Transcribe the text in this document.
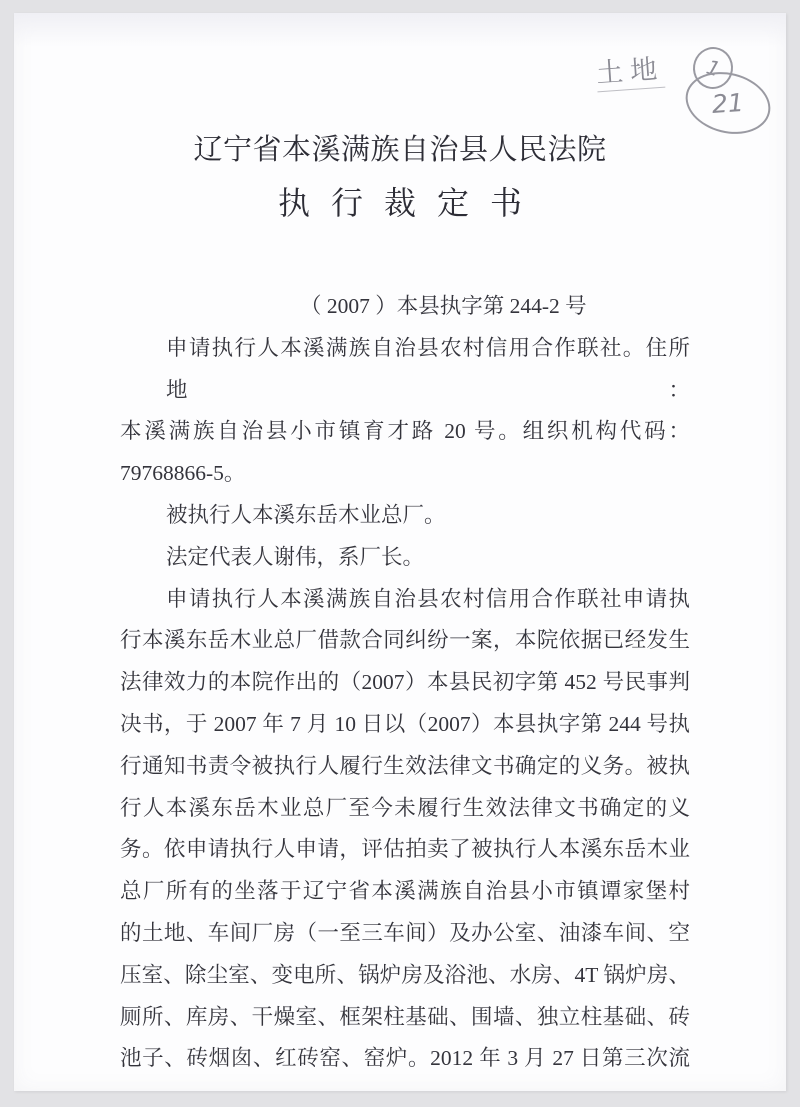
辽宁省本溪满族自治县人民法院
执行裁定书
（ 2007 ）本县执字第 244-2 号
申请执行人本溪满族自治县农村信用合作联社。住所地：
本溪满族自治县小市镇育才路 20 号。组织机构代码：
79768866-5。
被执行人本溪东岳木业总厂。
法定代表人谢伟，系厂长。
申请执行人本溪满族自治县农村信用合作联社申请执
行本溪东岳木业总厂借款合同纠纷一案，本院依据已经发生
法律效力的本院作出的（2007）本县民初字第 452 号民事判
决书，于 2007 年 7 月 10 日以（2007）本县执字第 244 号执
行通知书责令被执行人履行生效法律文书确定的义务。被执
行人本溪东岳木业总厂至今未履行生效法律文书确定的义
务。依申请执行人申请，评估拍卖了被执行人本溪东岳木业
总厂所有的坐落于辽宁省本溪满族自治县小市镇谭家堡村
的土地、车间厂房（一至三车间）及办公室、油漆车间、空
压室、除尘室、变电所、锅炉房及浴池、水房、4T 锅炉房、
厕所、库房、干燥室、框架柱基础、围墙、独立柱基础、砖
池子、砖烟囱、红砖窑、窑炉。2012 年 3 月 27 日第三次流
土地 1
21
